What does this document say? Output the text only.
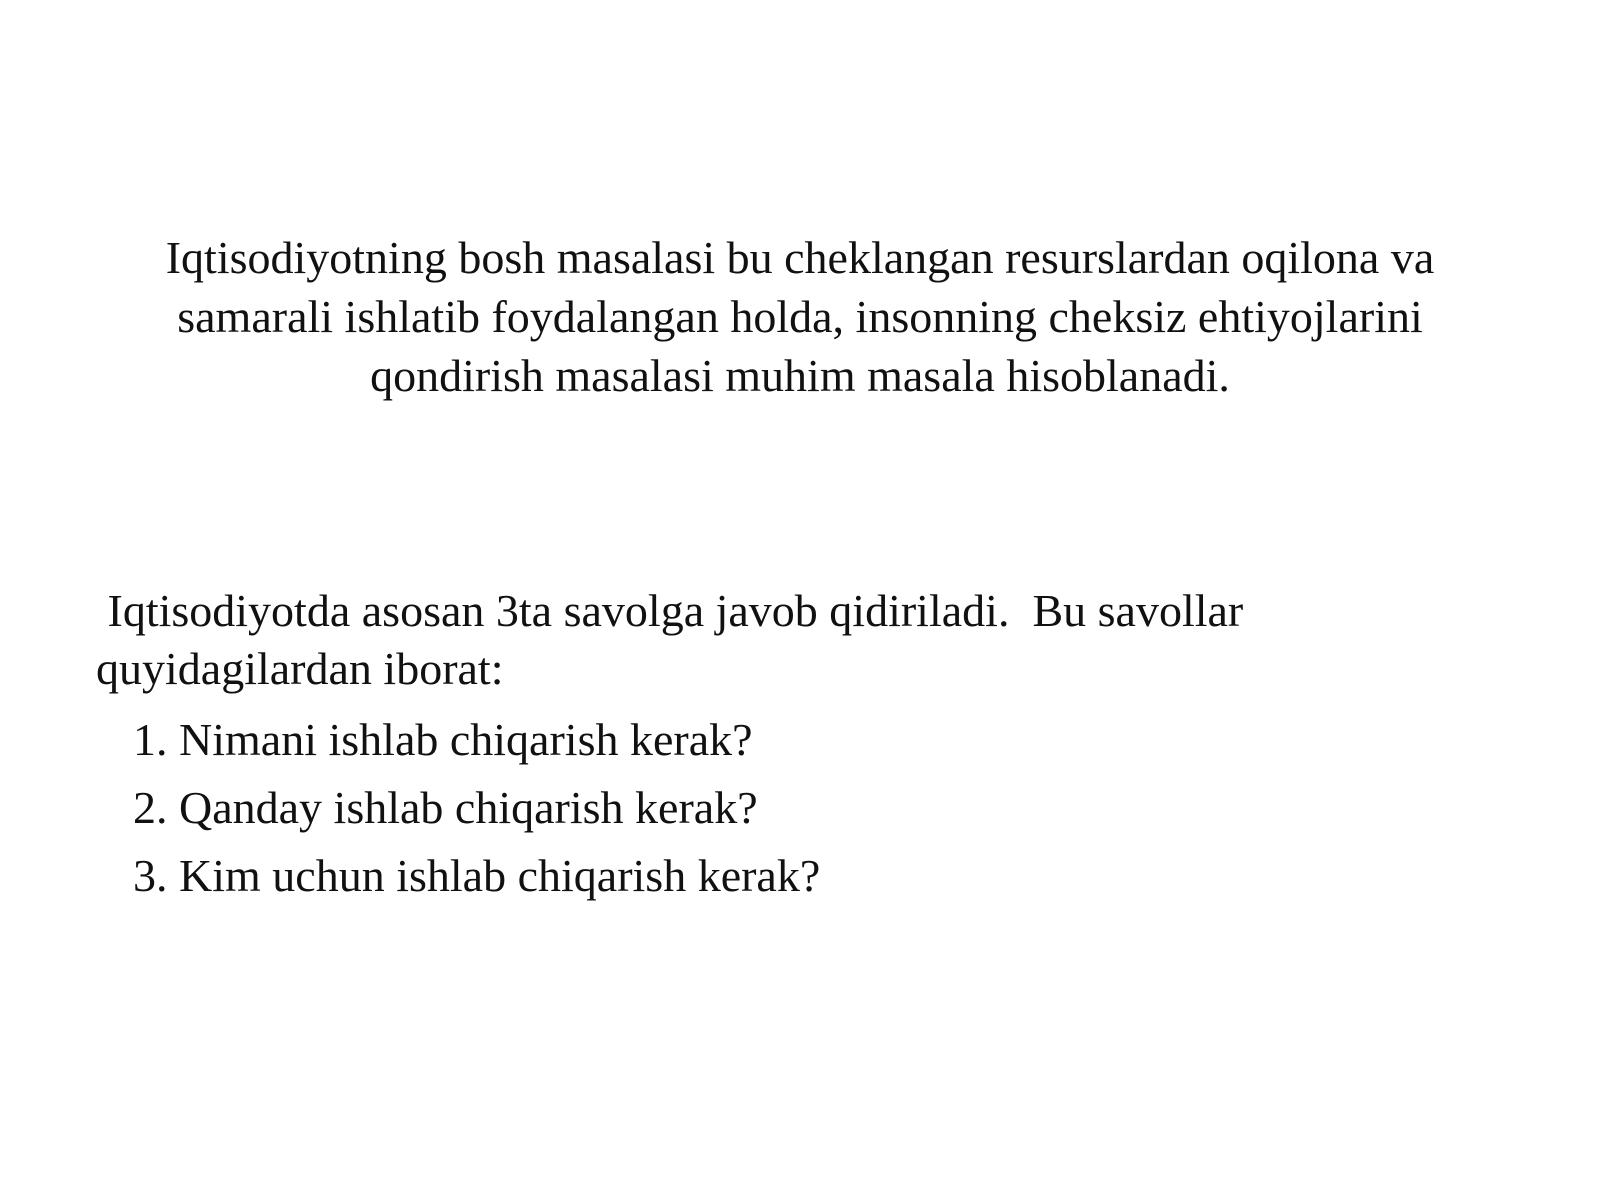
Iqtisodiyotning bosh masalasi bu cheklangan resurslardan oqilona va
samarali ishlatib foydalangan holda, insonning cheksiz ehtiyojlarini
qondirish masalasi muhim masala hisoblanadi.

Iqtisodiyotda asosan 3ta savolga javob qidiriladi.  Bu savollar
quyidagilardan iborat:

1. Nimani ishlab chiqarish kerak?
2. Qanday ishlab chiqarish kerak?
3. Kim uchun ishlab chiqarish kerak?
